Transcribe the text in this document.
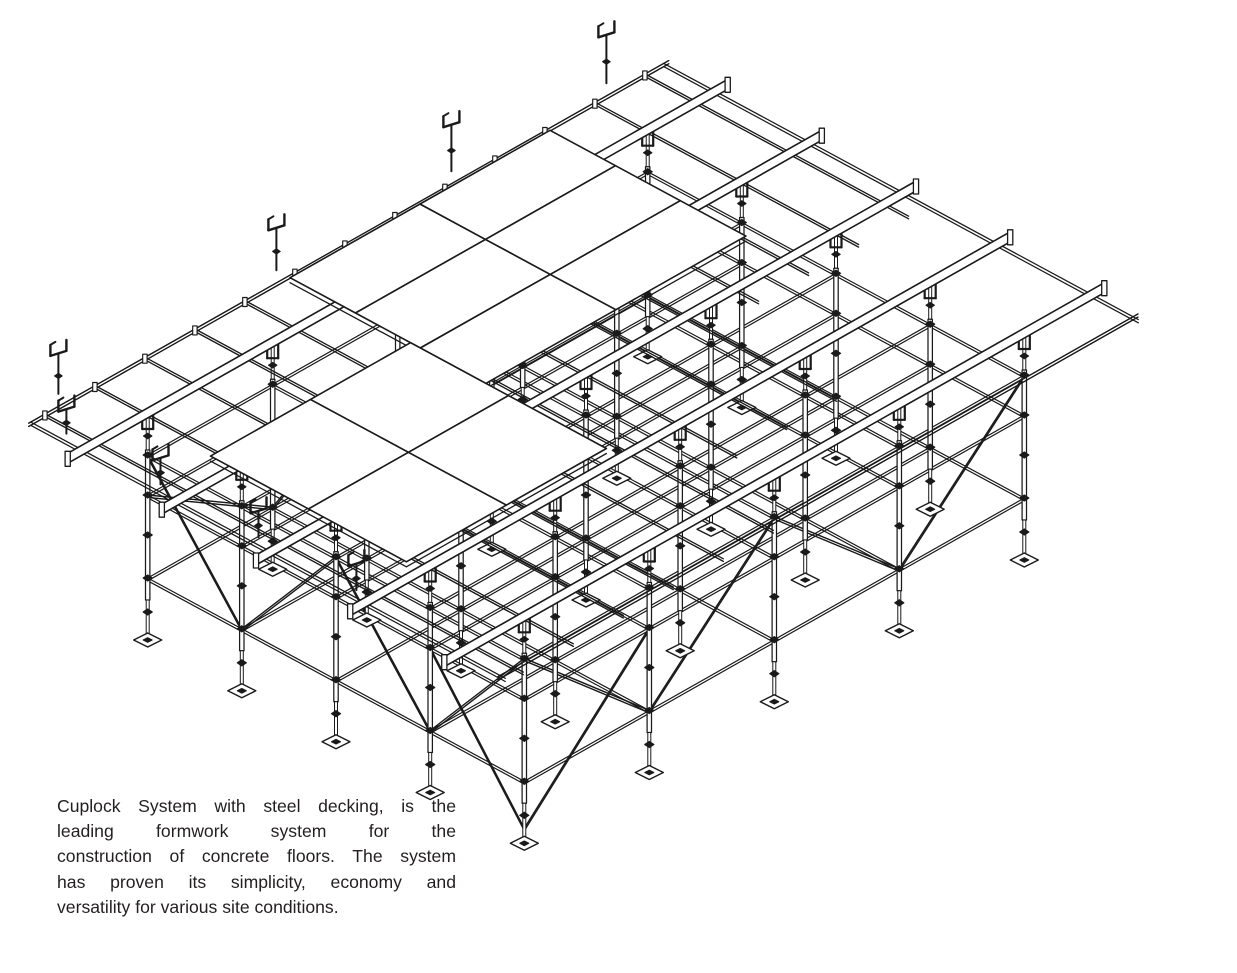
Cuplock System with steel decking, is the
leading formwork system for the
construction of concrete floors. The system
has proven its simplicity, economy and
versatility for various site conditions.
